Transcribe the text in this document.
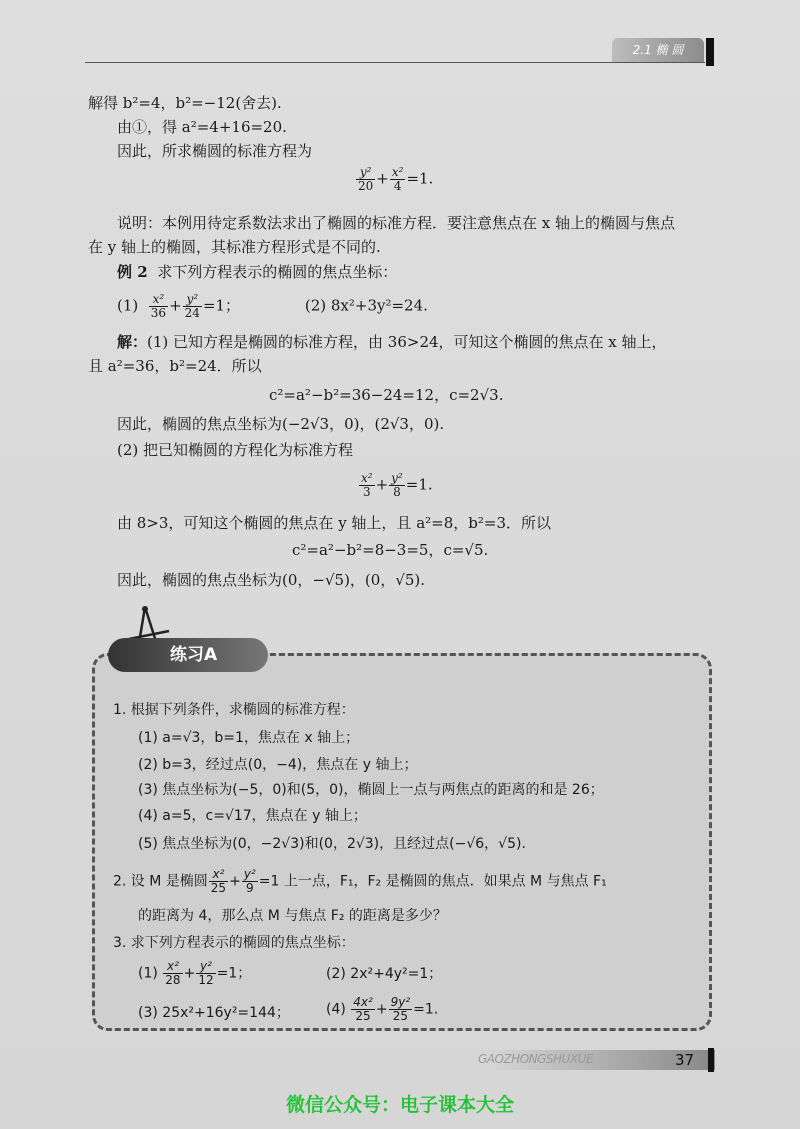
2.1 椭 圆
解得 b²=4，b²=−12(舍去).
由①，得 a²=4+16=20.
因此，所求椭圆的标准方程为
$\frac{\text{y²}}{20} + \frac{\text{x²}}{4} =1$.
说明：本例用待定系数法求出了椭圆的标准方程．要注意焦点在 x 轴上的椭圆与焦点
在 y 轴上的椭圆，其标准方程形式是不同的.
例 2 求下列方程表示的椭圆的焦点坐标：
$(1) \frac{\text{x²}}{36} + \frac{\text{y²}}{24} =1$；	(2) 8x²+3y²=24.
解：(1) 已知方程是椭圆的标准方程，由 36>24，可知这个椭圆的焦点在 x 轴上，
且 a²=36，b²=24．所以
c²=a²−b²=36−24=12，c=2√3.
因此，椭圆的焦点坐标为(−2√3，0)，(2√3，0).
(2) 把已知椭圆的方程化为标准方程
$\frac{\text{x²}}{3} + \frac{\text{y²}}{8} =1$.
由 8>3，可知这个椭圆的焦点在 y 轴上，且 a²=8，b²=3．所以
c²=a²−b²=8−3=5，c=√5.
因此，椭圆的焦点坐标为(0，−√5)，(0，√5).
练习A
1. 根据下列条件，求椭圆的标准方程：
(1) a=√3，b=1，焦点在 x 轴上；
(2) b=3，经过点(0，−4)，焦点在 y 轴上；
(3) 焦点坐标为(−5，0)和(5，0)，椭圆上一点与两焦点的距离的和是 26；
(4) a=5，c=√17，焦点在 y 轴上；
(5) 焦点坐标为(0，−2√3)和(0，2√3)，且经过点(−√6，√5).
2. 设 M 是椭圆 $\frac{\text{x²}}{25} + \frac{\text{y²}}{9} =1$ 上一点，F₁，F₂ 是椭圆的焦点．如果点 M 与焦点 F₁
的距离为 4，那么点 M 与焦点 F₂ 的距离是多少？
3. 求下列方程表示的椭圆的焦点坐标：
$(1) \frac{\text{x²}}{28} + \frac{\text{y²}}{12} =1$；	(2) 2x²+4y²=1；
(3) 25x²+16y²=144；	$(4) \frac{\text{4x²}}{25} + \frac{\text{9y²}}{25} =1$.
GAOZHONGSHUXUE	37
微信公众号：电子课本大全
